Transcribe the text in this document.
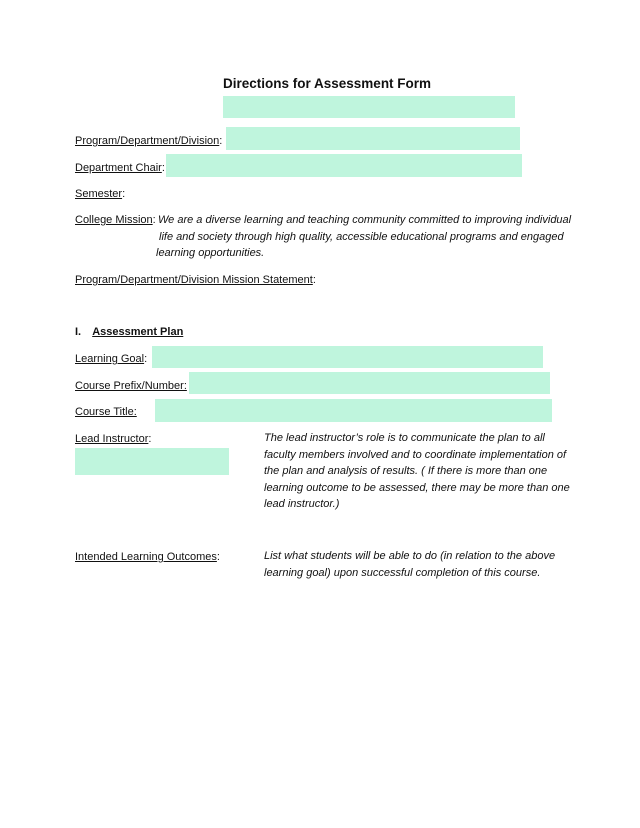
Directions for Assessment Form
Program/Department/Division:
Department Chair:
Semester:
College Mission: We are a diverse learning and teaching community committed to improving individual
life and society through high quality, accessible educational programs and engaged
learning opportunities.
Program/Department/Division Mission Statement:
I. Assessment Plan
Learning Goal:
Course Prefix/Number:
Course Title:
Lead Instructor:	The lead instructor’s role is to communicate the plan to all
faculty members involved and to coordinate implementation of
the plan and analysis of results. ( If there is more than one
learning outcome to be assessed, there may be more than one
lead instructor.)
Intended Learning Outcomes:	List what students will be able to do (in relation to the above
learning goal) upon successful completion of this course.
